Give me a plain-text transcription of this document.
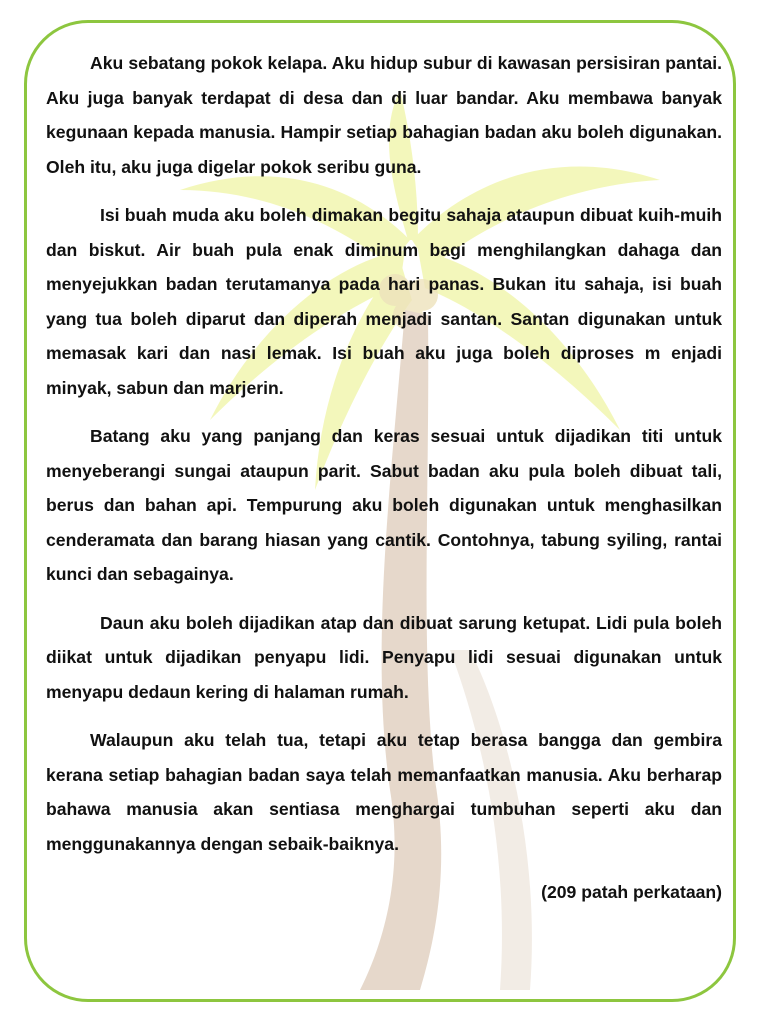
Aku sebatang pokok kelapa. Aku hidup subur di kawasan persisiran pantai. Aku juga banyak terdapat di desa dan di luar bandar. Aku membawa banyak kegunaan kepada manusia. Hampir setiap bahagian badan aku boleh digunakan. Oleh itu, aku juga digelar pokok seribu guna.

Isi buah muda aku boleh dimakan begitu sahaja ataupun dibuat kuih-muih dan biskut. Air buah pula enak diminum bagi menghilangkan dahaga dan menyejukkan badan terutamanya pada hari panas. Bukan itu sahaja, isi buah yang tua boleh diparut dan diperah menjadi santan. Santan digunakan untuk memasak kari dan nasi lemak. Isi buah aku juga boleh diproses m enjadi minyak, sabun dan marjerin.

Batang aku yang panjang dan keras sesuai untuk dijadikan titi untuk menyeberangi sungai ataupun parit. Sabut badan aku pula boleh dibuat tali, berus dan bahan api. Tempurung aku boleh digunakan untuk menghasilkan cenderamata dan barang hiasan yang cantik. Contohnya, tabung syiling, rantai kunci dan sebagainya.

Daun aku boleh dijadikan atap dan dibuat sarung ketupat. Lidi pula boleh diikat untuk dijadikan penyapu lidi. Penyapu lidi sesuai digunakan untuk menyapu dedaun kering di halaman rumah.

Walaupun aku telah tua, tetapi aku tetap berasa bangga dan gembira kerana setiap bahagian badan saya telah memanfaatkan manusia. Aku berharap bahawa manusia akan sentiasa menghargai tumbuhan seperti aku dan menggunakannya dengan sebaik-baiknya.

(209 patah perkataan)
